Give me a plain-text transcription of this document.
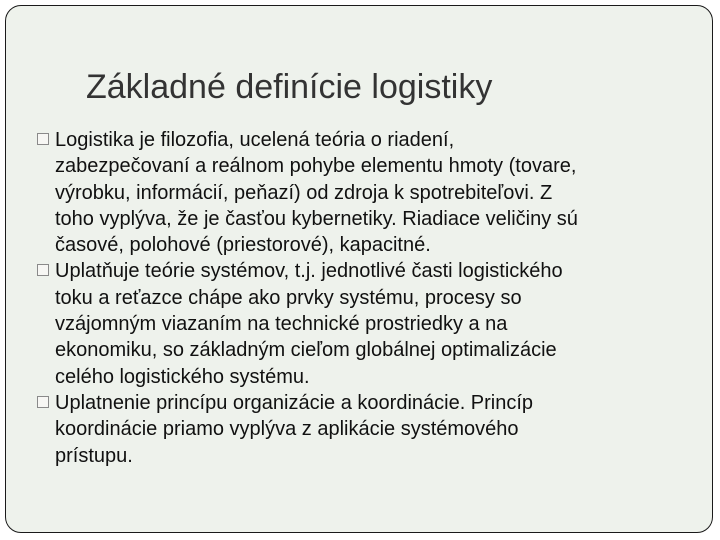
Základné definície logistiky
Logistika je filozofia, ucelená teória o riadení,
zabezpečovaní a reálnom pohybe elementu hmoty (tovare,
výrobku, informácií, peňazí) od zdroja k spotrebiteľovi. Z
toho vyplýva, že je časťou kybernetiky. Riadiace veličiny sú
časové, polohové (priestorové), kapacitné.
Uplatňuje teórie systémov, t.j. jednotlivé časti logistického
toku a reťazce chápe ako prvky systému, procesy so
vzájomným viazaním na technické prostriedky a na
ekonomiku, so základným cieľom globálnej optimalizácie
celého logistického systému.
Uplatnenie princípu organizácie a koordinácie. Princíp
koordinácie priamo vyplýva z aplikácie systémového
prístupu.
